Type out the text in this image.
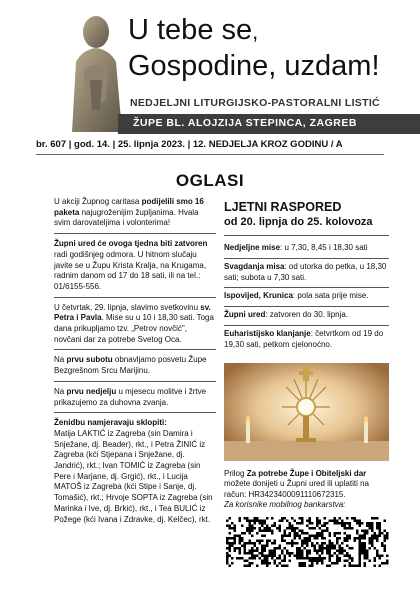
U tebe se,
Gospodine, uzdam!
NEDJELJNI LITURGIJSKO-PASTORALNI LISTIĆ
ŽUPE BL. ALOJZIJA STEPINCA, ZAGREB
br. 607 | god. 14. | 25. lipnja 2023. | 12. NEDJELJA KROZ GODINU / A
OGLASI
U akciji Župnog caritasa podijelili smo 16 paketa najugroženijim župljanima. Hvala svim darovateljima i volonterima!
Župni ured će ovoga tjedna biti zatvoren radi godišnjeg odmora. U hitnom slučaju javite se u Župu Krista Kralja, na Krugama, radnim danom od 17 do 18 sati, ili na tel.: 01/6155-556.
U četvrtak, 29. lipnja, slavimo svetkovinu sv. Petra i Pavla. Mise su u 10 i 18,30 sati. Toga dana prikupljamo tzv. „Petrov novčić", novčani dar za potrebe Svetog Oca.
Na prvu subotu obnavljamo posvetu Župe Bezgrešnom Srcu Marijinu.
Na prvu nedjelju u mjesecu molitve i žrtve prikazujemo za duhovna zvanja.
Ženidbu namjeravaju sklopiti:
Matija LAKTIĆ iz Zagreba (sin Damira i Snježane, dj. Beader), rkt., i Petra ŽINIĆ iz Zagreba (kći Stjepana i Snježane, dj. Jandrić), rkt.; Ivan TOMIĆ iz Zagreba (sin Pere i Marjane, dj. Grgić), rkt., i Lucija MATOŠ iz Zagreba (kći Stipe i Sanje, dj. Tomašić), rkt.; Hrvoje SOPTA iz Zagreba (sin Marinka i Ive, dj. Brkić), rkt., i Tea BULIĆ iz Požege (kći Ivana i Zdravke, dj. Kelčec), rkt.
LJETNI RASPORED
od 20. lipnja do 25. kolovoza
Nedjeljne mise: u 7,30, 8,45 i 18,30 sati
Svagdanja misa: od utorka do petka, u 18,30 sati; subota u 7,30 sati.
Ispovijed, Krunica: pola sata prije mise.
Župni ured: zatvoren do 30. lipnja.
Euharistijsko klanjanje: četvrtkom od 19 do 19,30 sati, petkom cjelonoćno.
Prilog Za potrebe Župe i Obiteljski dar možete donijeti u Župni ured ili uplatiti na račun: HR3423400091110672315.
Za korisnike mobilnog bankarstva:
